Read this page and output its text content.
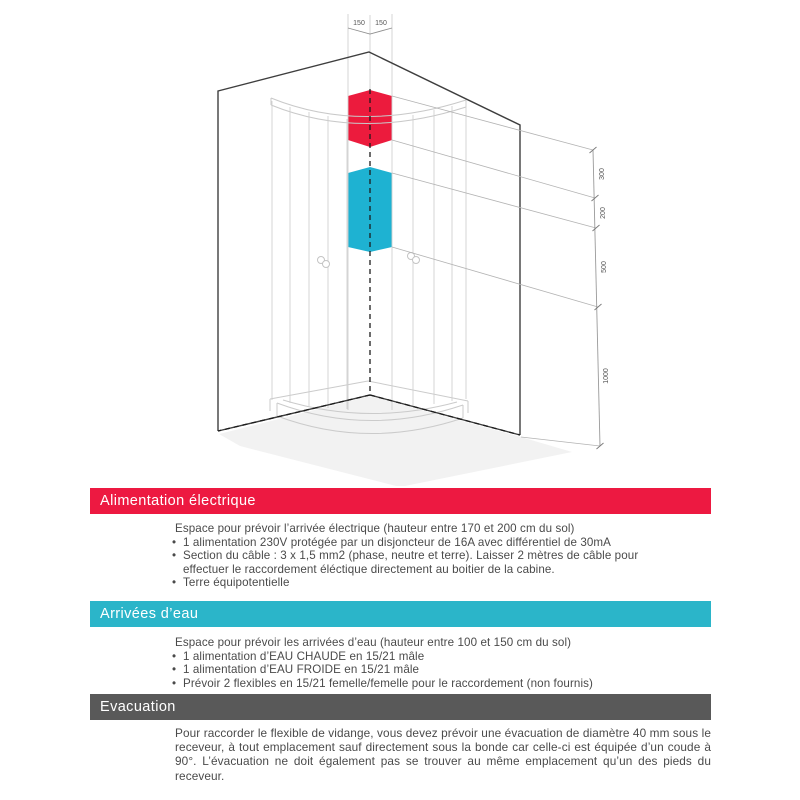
150 150
300
200
500
1000
Alimentation électrique

Espace pour prévoir l’arrivée électrique (hauteur entre 170 et 200 cm du sol)

• 1 alimentation 230V protégée par un disjoncteur de 16A avec différentiel de 30mA
• Section du câble : 3 x 1,5 mm2 (phase, neutre et terre). Laisser 2 mètres de câble pour effectuer le raccordement éléctique directement au boitier de la cabine.
• Terre équipotentielle
Arrivées d’eau

Espace pour prévoir les arrivées d’eau (hauteur entre 100 et 150 cm du sol)

• 1 alimentation d’EAU CHAUDE en 15/21 mâle
• 1 alimentation d’EAU FROIDE en 15/21 mâle
• Prévoir 2 flexibles en 15/21 femelle/femelle pour le raccordement (non fournis)
Evacuation
Pour raccorder le flexible de vidange, vous devez prévoir une évacuation de diamètre 40 mm sous le receveur, à tout emplacement sauf directement sous la bonde car celle-ci est équipée d’un coude à 90°. L’évacuation ne doit également pas se trouver au même emplacement qu’un des pieds du receveur.
